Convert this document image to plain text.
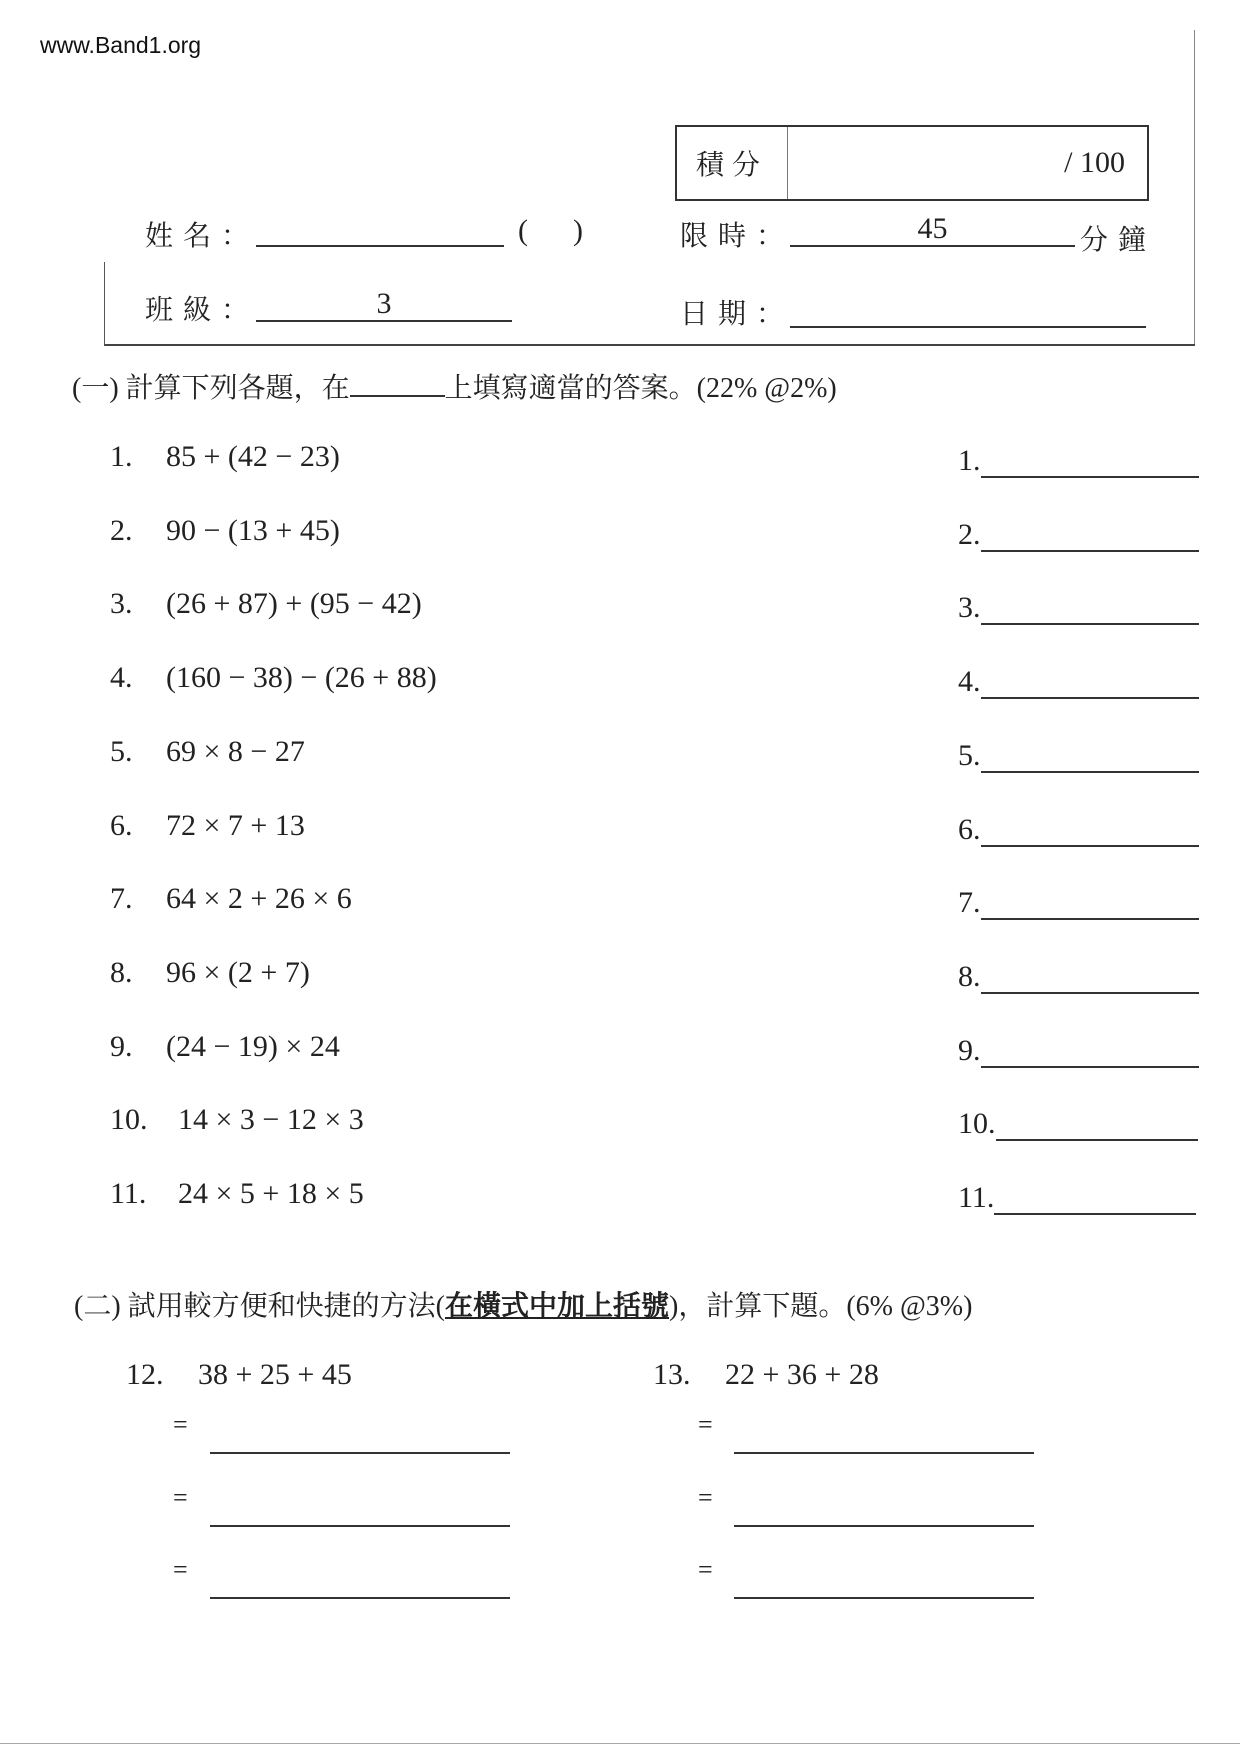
www.Band1.org
積分	/ 100
姓名：	(      )	限時：	45	分鐘
班級：	3	日期：
(一) 計算下列各題，在	上填寫適當的答案。(22% @2%)
1. 85 + (42 − 23)	1.
2. 90 − (13 + 45)	2.
3. (26 + 87) + (95 − 42)	3.
4. (160 − 38) − (26 + 88)	4.
5. 69 × 8 − 27	5.
6. 72 × 7 + 13	6.
7. 64 × 2 + 26 × 6	7.
8. 96 × (2 + 7)	8.
9. (24 − 19) × 24	9.
10. 14 × 3 − 12 × 3	10.
11. 24 × 5 + 18 × 5	11.
(二) 試用較方便和快捷的方法(在橫式中加上括號)，計算下題。(6% @3%)
12. 38 + 25 + 45	13. 22 + 36 + 28
=
=
=
=
=
=
